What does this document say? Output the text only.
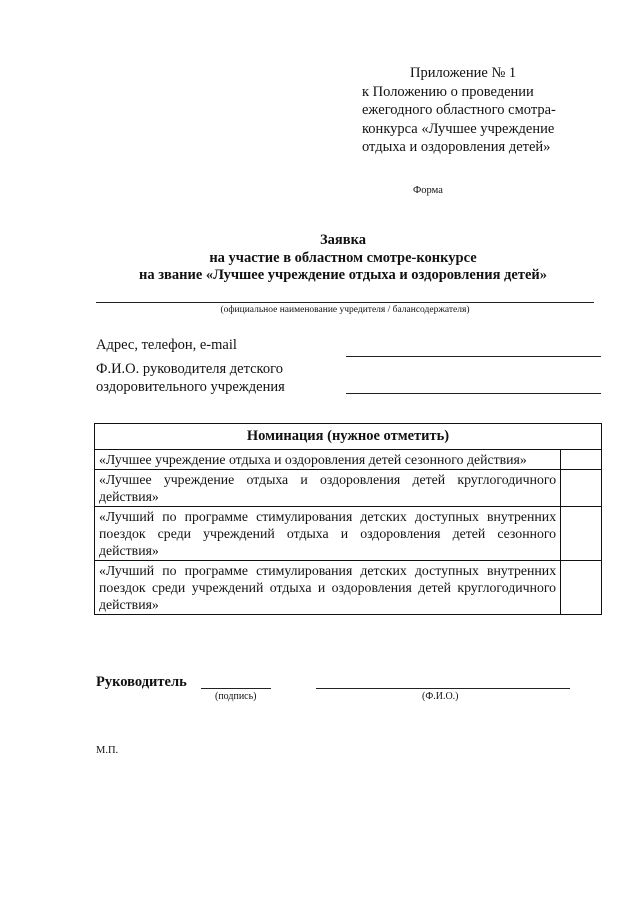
Приложение № 1
к Положению о проведении
ежегодного областного смотра-
конкурса «Лучшее учреждение
отдыха и оздоровления детей»
Форма
Заявка
на участие в областном смотре-конкурсе
на звание «Лучшее учреждение отдыха и оздоровления детей»
(официальное наименование учредителя / балансодержателя)
Адрес, телефон, e-mail
Ф.И.О. руководителя детского
оздоровительного учреждения
Номинация (нужное отметить)	
«Лучшее учреждение отдыха и оздоровления детей сезонного действия»	
«Лучшее учреждение отдыха и оздоровления детей круглогодичного действия»	
«Лучший по программе стимулирования детских доступных внутренних поездок среди учреждений отдыха и оздоровления детей сезонного действия»	
«Лучший по программе стимулирования детских доступных внутренних поездок среди учреждений отдыха и оздоровления детей круглогодичного действия»	
Руководитель
(подпись)	(Ф.И.О.)
М.П.
